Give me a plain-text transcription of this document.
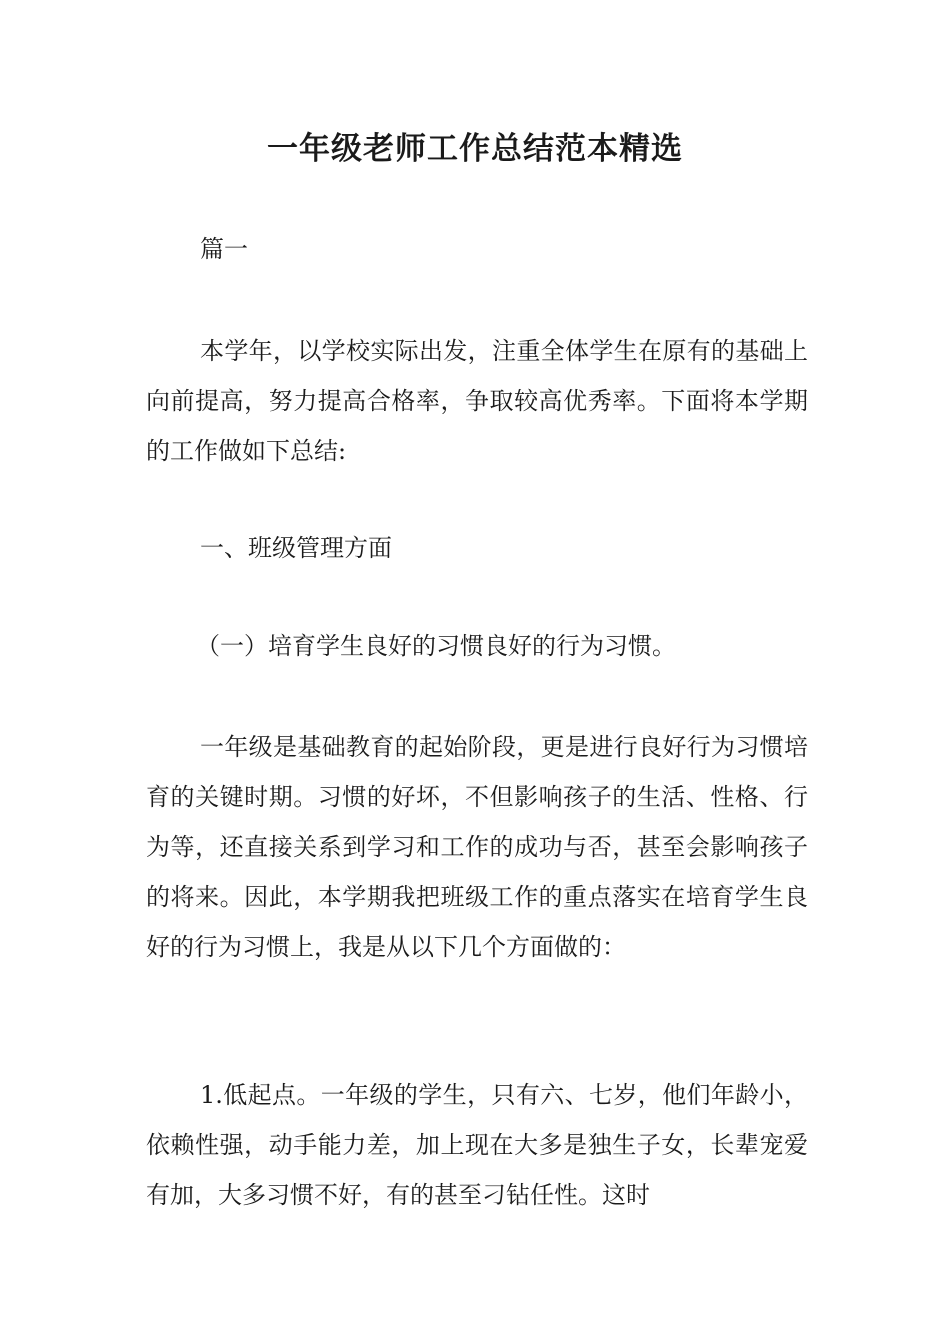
一年级老师工作总结范本精选

篇一

本学年，以学校实际出发，注重全体学生在原有的基础上向前提高，努力提高合格率，争取较高优秀率。下面将本学期的工作做如下总结:

一、班级管理方面

（一）培育学生良好的习惯良好的行为习惯。

一年级是基础教育的起始阶段，更是进行良好行为习惯培育的关键时期。习惯的好坏，不但影响孩子的生活、性格、行为等，还直接关系到学习和工作的成功与否，甚至会影响孩子的将来。因此，本学期我把班级工作的重点落实在培育学生良好的行为习惯上，我是从以下几个方面做的：

1.低起点。一年级的学生，只有六、七岁，他们年龄小，依赖性强，动手能力差，加上现在大多是独生子女，长辈宠爱有加，大多习惯不好，有的甚至刁钻任性。这时
